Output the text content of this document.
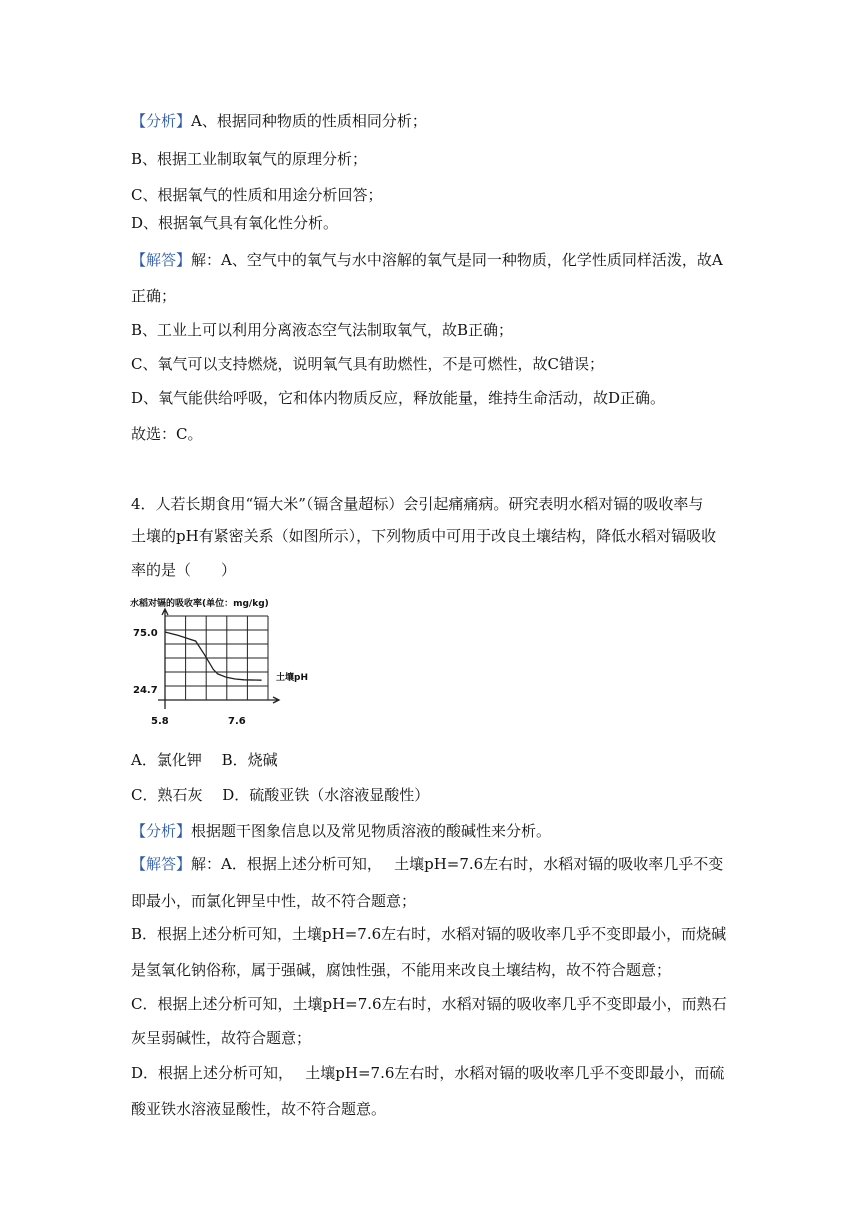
【分析】A、根据同种物质的性质相同分析；
B、根据工业制取氧气的原理分析；
C、根据氧气的性质和用途分析回答；
D、根据氧气具有氧化性分析。
【解答】解：A、空气中的氧气与水中溶解的氧气是同一种物质，化学性质同样活泼，故A
正确；
B、工业上可以利用分离液态空气法制取氧气，故B正确；
C、氧气可以支持燃烧，说明氧气具有助燃性，不是可燃性，故C错误；
D、氧气能供给呼吸，它和体内物质反应，释放能量，维持生命活动，故D正确。
故选：C。
4．人若长期食用“镉大米”（镉含量超标）会引起痛痛病。研究表明水稻对镉的吸收率与
土壤的pH有紧密关系（如图所示），下列物质中可用于改良土壤结构，降低水稻对镉吸收
率的是（　　）
A．氯化钾　 B．烧碱
C．熟石灰　 D．硫酸亚铁（水溶液显酸性）
【分析】根据题干图象信息以及常见物质溶液的酸碱性来分析。
【解答】解：A．根据上述分析可知，　 土壤pH=7.6左右时，水稻对镉的吸收率几乎不变
即最小，而氯化钾呈中性，故不符合题意；
B．根据上述分析可知，土壤pH=7.6左右时，水稻对镉的吸收率几乎不变即最小，而烧碱
是氢氧化钠俗称，属于强碱，腐蚀性强，不能用来改良土壤结构，故不符合题意；
C．根据上述分析可知，土壤pH=7.6左右时，水稻对镉的吸收率几乎不变即最小，而熟石
灰呈弱碱性，故符合题意；
D．根据上述分析可知，　 土壤pH=7.6左右时，水稻对镉的吸收率几乎不变即最小，而硫
酸亚铁水溶液显酸性，故不符合题意。
水稻对镉的吸收率(单位：mg/kg)
75.0
24.7
5.8	7.6
土壤pH
